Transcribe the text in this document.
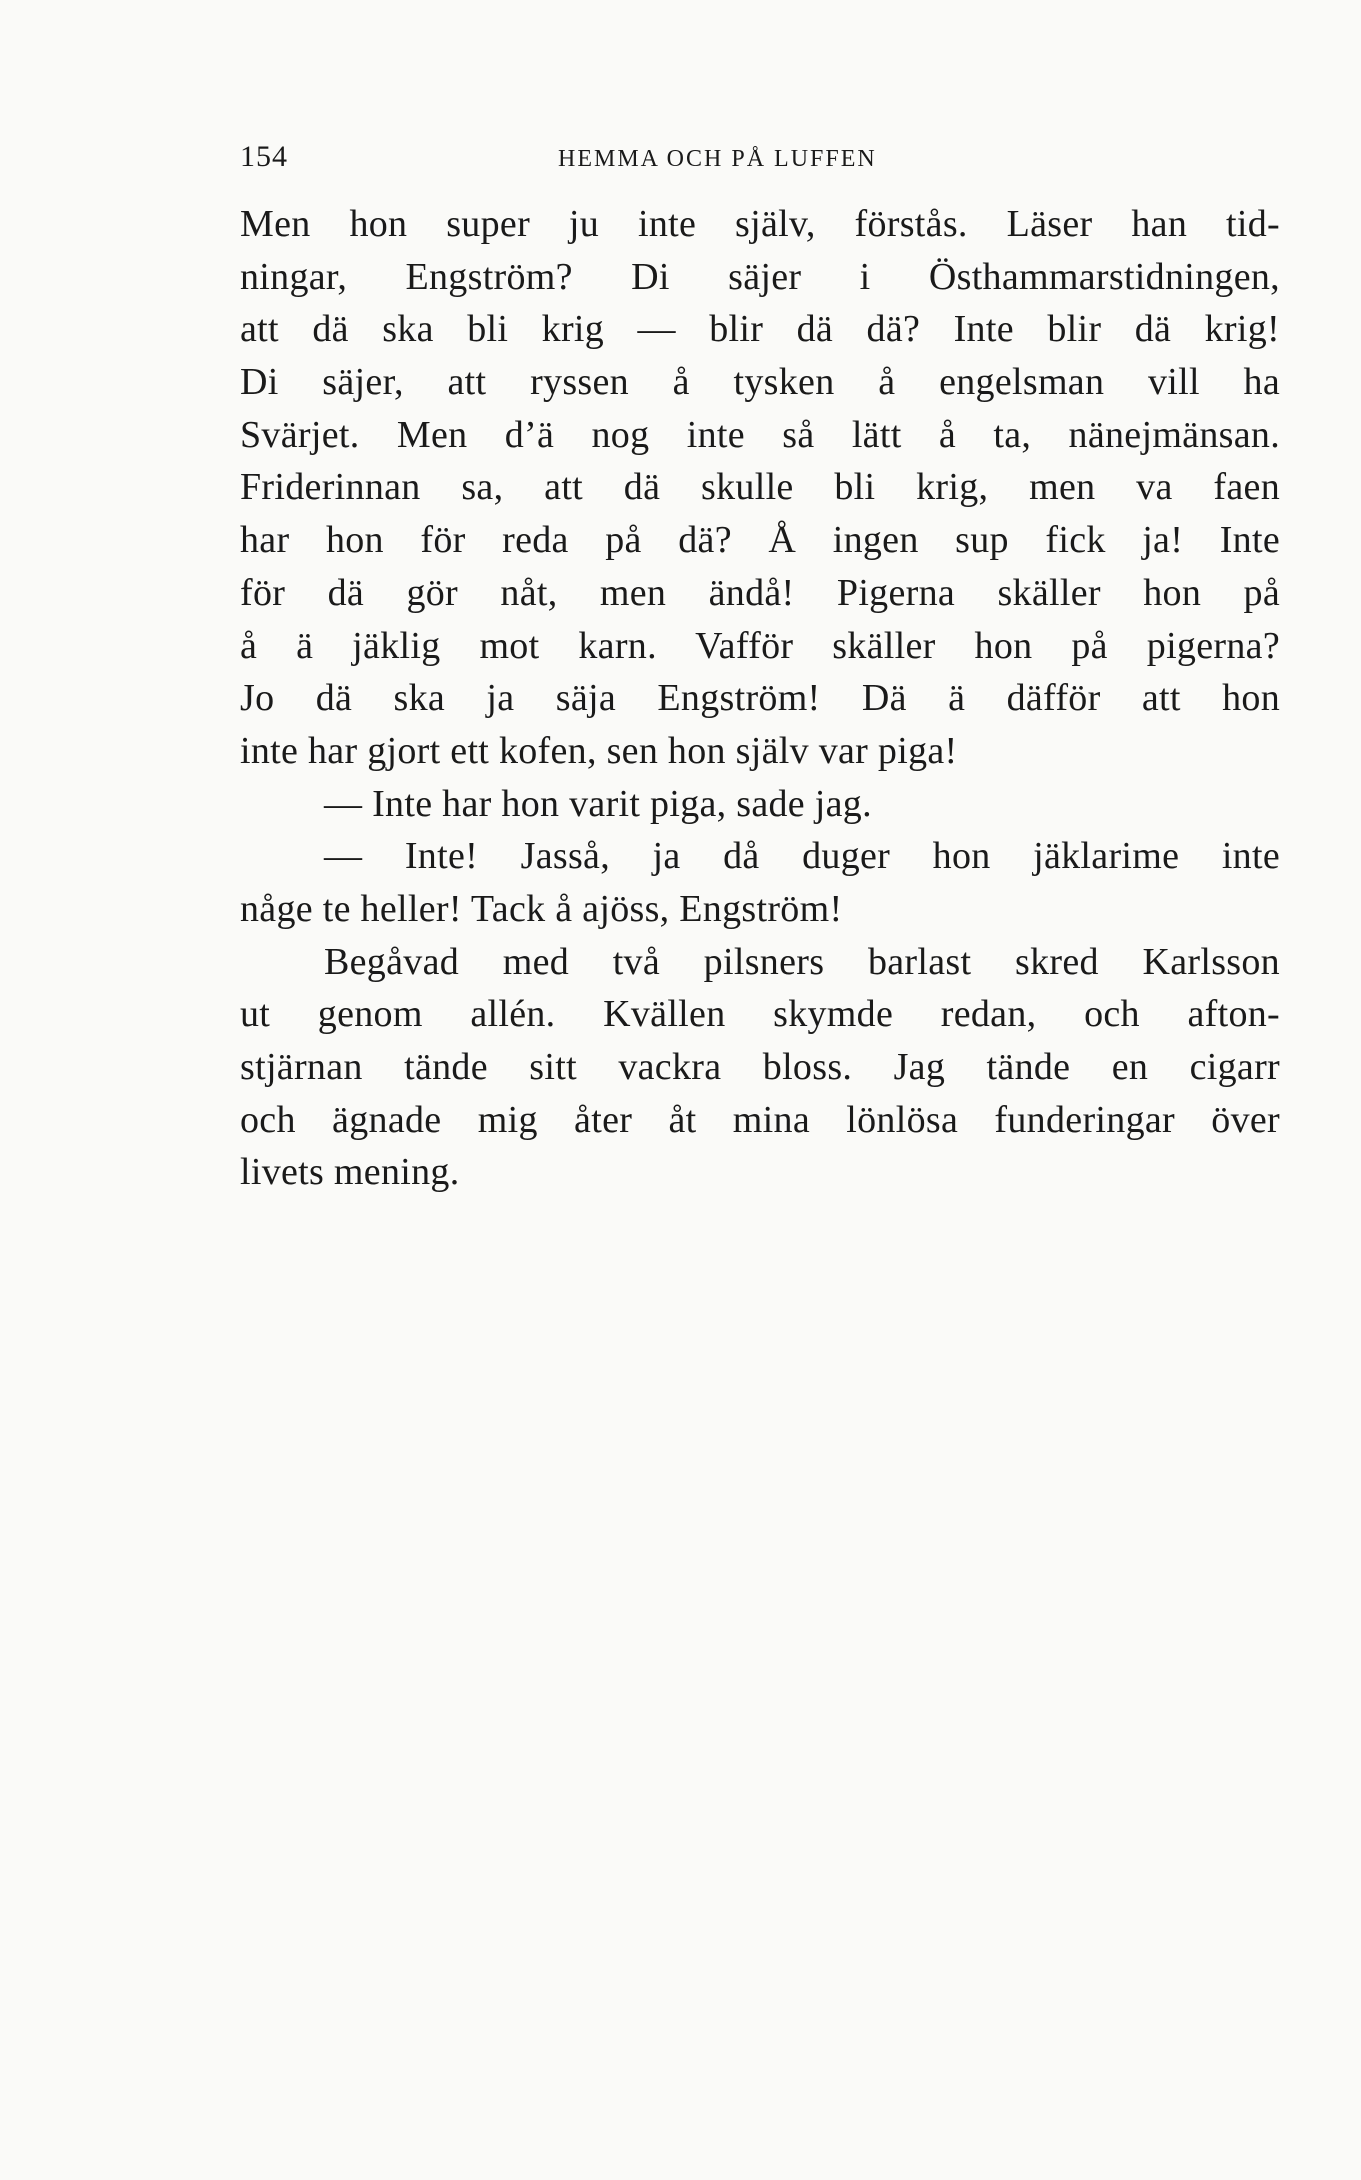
154	HEMMA OCH PÅ LUFFEN
Men hon super ju inte själv, förstås. Läser han tid-
ningar, Engström? Di säjer i Östhammarstidningen,
att dä ska bli krig — blir dä dä? Inte blir dä krig!
Di säjer, att ryssen å tysken å engelsman vill ha
Svärjet. Men d’ä nog inte så lätt å ta, nänejmänsan.
Friderinnan sa, att dä skulle bli krig, men va faen
har hon för reda på dä? Å ingen sup fick ja! Inte
för dä gör nåt, men ändå! Pigerna skäller hon på
å ä jäklig mot karn. Vafför skäller hon på pigerna?
Jo dä ska ja säja Engström! Dä ä däfför att hon
inte har gjort ett kofen, sen hon själv var piga!
— Inte har hon varit piga, sade jag.
— Inte! Jasså, ja då duger hon jäklarime inte
någe te heller! Tack å ajöss, Engström!
Begåvad med två pilsners barlast skred Karlsson
ut genom allén. Kvällen skymde redan, och afton-
stjärnan tände sitt vackra bloss. Jag tände en cigarr
och ägnade mig åter åt mina lönlösa funderingar över
livets mening.
